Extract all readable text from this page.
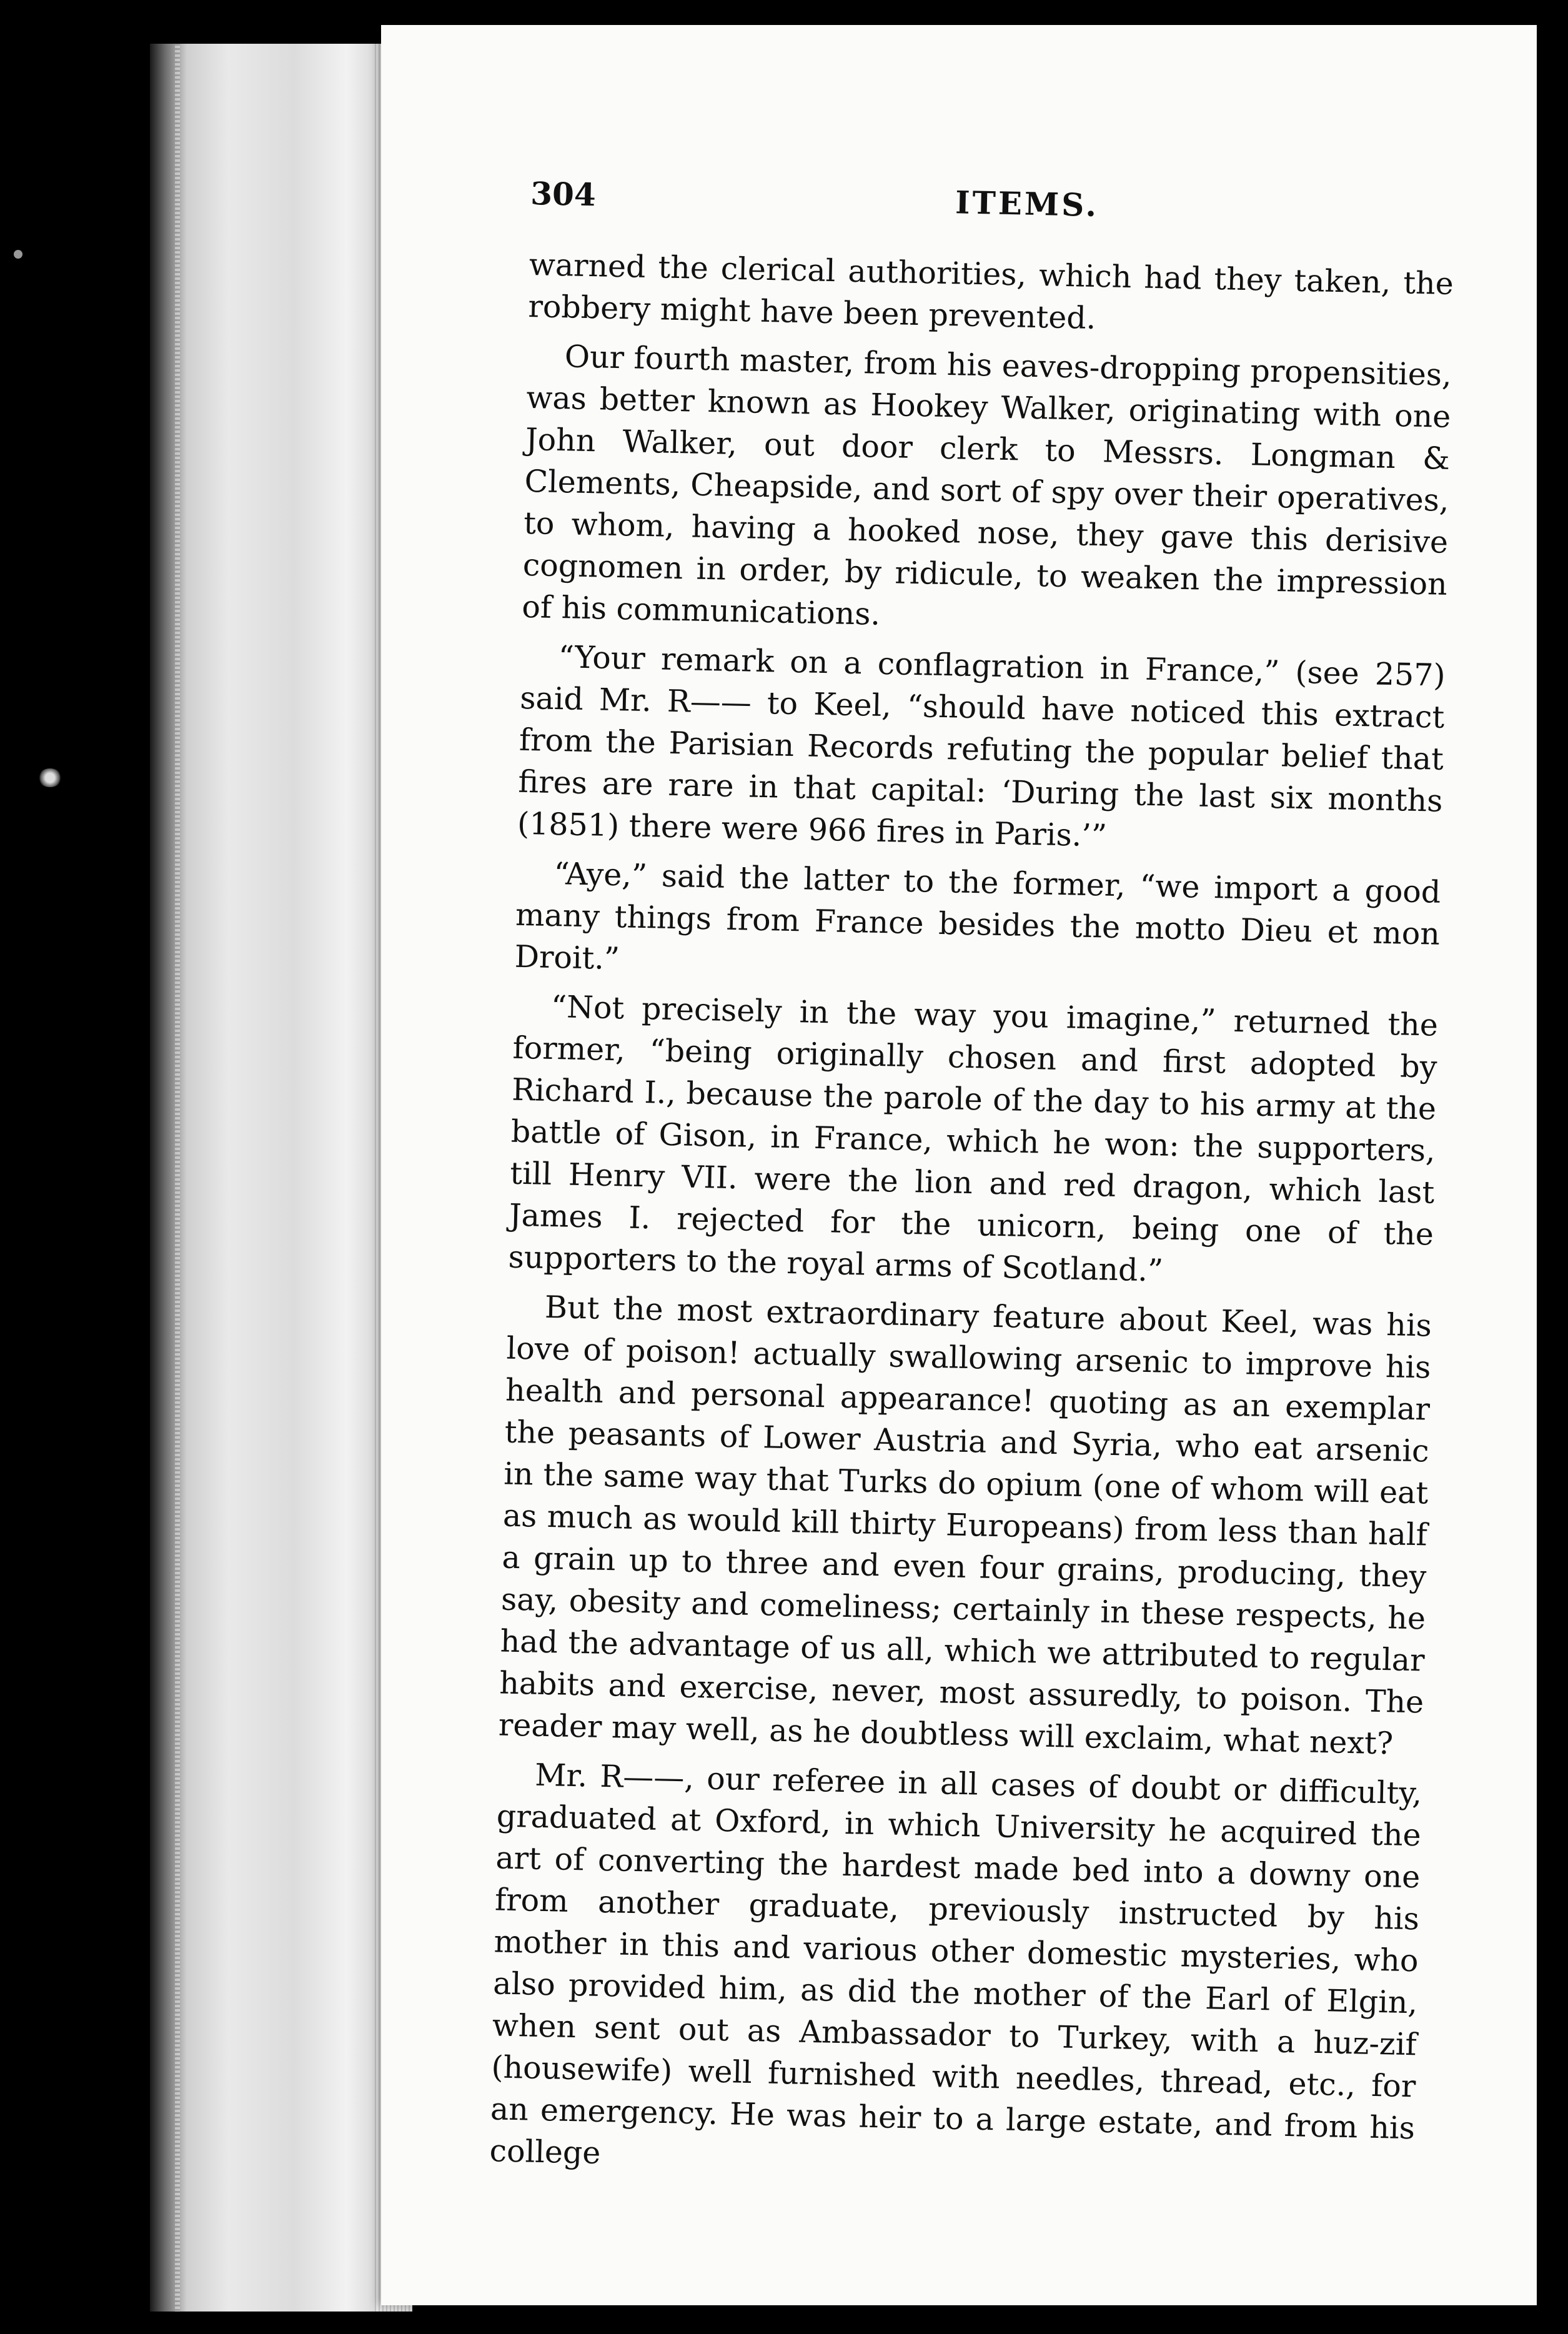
304	ITEMS.

warned the clerical authorities, which had they taken, the robbery might have been prevented.

Our fourth master, from his eaves-dropping propensities, was better known as Hookey Walker, originating with one John Walker, out door clerk to Messrs. Longman & Clements, Cheapside, and sort of spy over their operatives, to whom, having a hooked nose, they gave this derisive cognomen in order, by ridicule, to weaken the impression of his communications.

“Your remark on a conflagration in France,” (see 257) said Mr. R—— to Keel, “should have noticed this extract from the Parisian Records refuting the popular belief that fires are rare in that capital: ‘During the last six months (1851) there were 966 fires in Paris.’”

“Aye,” said the latter to the former, “we import a good many things from France besides the motto Dieu et mon Droit.”

“Not precisely in the way you imagine,” returned the former, “being originally chosen and first adopted by Richard I., because the parole of the day to his army at the battle of Gison, in France, which he won: the supporters, till Henry VII. were the lion and red dragon, which last James I. rejected for the unicorn, being one of the supporters to the royal arms of Scotland.”

But the most extraordinary feature about Keel, was his love of poison! actually swallowing arsenic to improve his health and personal appearance! quoting as an exemplar the peasants of Lower Austria and Syria, who eat arsenic in the same way that Turks do opium (one of whom will eat as much as would kill thirty Europeans) from less than half a grain up to three and even four grains, producing, they say, obesity and comeliness; certainly in these respects, he had the advantage of us all, which we attributed to regular habits and exercise, never, most assuredly, to poison. The reader may well, as he doubtless will exclaim, what next?

Mr. R——, our referee in all cases of doubt or difficulty, graduated at Oxford, in which University he acquired the art of converting the hardest made bed into a downy one from another graduate, previously instructed by his mother in this and various other domestic mysteries, who also provided him, as did the mother of the Earl of Elgin, when sent out as Ambassador to Turkey, with a huz-zif (housewife) well furnished with needles, thread, etc., for an emergency. He was heir to a large estate, and from his college
